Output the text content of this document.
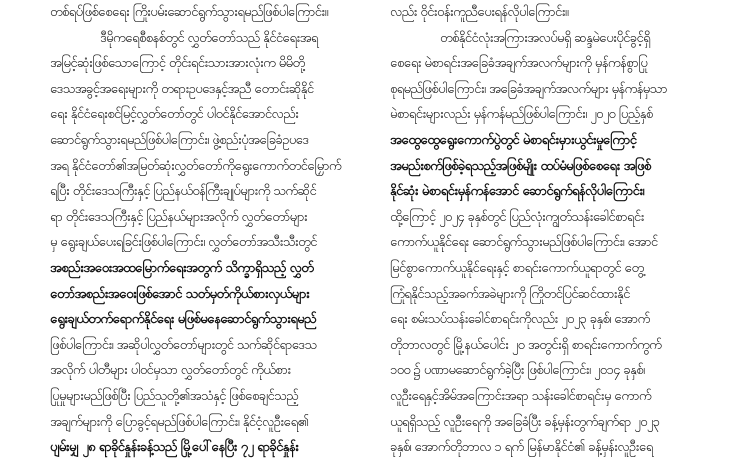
တစ်ရပ်ဖြစ်စေရေး ကြိုးပမ်းဆောင်ရွက်သွားရမည်ဖြစ်ပါကြောင်း။
ဒီမိုကရေစီစနစ်တွင် လွှတ်တော်သည် နိုင်ငံရေးအရ
အမြင့်ဆုံးဖြစ်သောကြောင့် တိုင်းရင်းသားအားလုံးက မိမိတို့
ဒေသအခွင့်အရေးများကို တရားဥပဒေနှင့်အညီ တောင်းဆိုနိုင်
ရေး နိုင်ငံရေးစင်မြင့်လွှတ်တော်တွင် ပါဝင်နိုင်အောင်လည်း
ဆောင်ရွက်သွားရမည်ဖြစ်ပါကြောင်း၊ ဖွဲ့စည်းပုံအခြေခံဥပဒေ
အရ နိုင်ငံတော်၏အမြတ်ဆုံးလွှတ်တော်ကိုရွေးကောက်တင်မြှောက်
ရပြီး တိုင်းဒေသကြီးနှင့် ပြည်နယ်ဝန်ကြီးချုပ်များကို သက်ဆိုင်
ရာ တိုင်းဒေသကြီးနှင့် ပြည်နယ်များအလိုက် လွှတ်တော်များ
မှ ရွေးချယ်ပေးရခြင်းဖြစ်ပါကြောင်း၊ လွှတ်တော်အသီးသီးတွင်
အစည်းအဝေးအထမြောက်ရေးအတွက် သိက္ခာရှိသည့် လွှတ်
တော်အစည်းအဝေးဖြစ်အောင် သတ်မှတ်ကိုယ်စားလှယ်များ
ရွေးချယ်တက်ရောက်နိုင်ရေး မဖြစ်မနေဆောင်ရွက်သွားရမည်
ဖြစ်ပါကြောင်း၊ အဆိုပါလွှတ်တော်များတွင် သက်ဆိုင်ရာဒေသ
အလိုက် ပါတီများ ပါဝင်မှသာ လွှတ်တော်တွင် ကိုယ်စား
ပြုမှုများမည်ဖြစ်ပြီး ပြည်သူတို့၏အသံနှင့် ဖြစ်စေချင်သည့်
အချက်များကို ပြောခွင့်ရမည်ဖြစ်ပါကြောင်း၊ နိုင်ငံ့လူဦးရေ၏
ပျမ်းမျှ ၂၈ ရာခိုင်နှုန်းခန့်သည် မြို့ပေါ်နေပြီး ၇၂ ရာခိုင်နှုန်း
လည်း ဝိုင်းဝန်းကူညီပေးရန်လိုပါကြောင်း။
တစ်နိုင်ငံလုံးအကြားအလပ်မရှိ ဆန္ဒမဲပေးပိုင်ခွင့်ရှိ
စေရေး မဲစာရင်းအခြေခံအချက်အလက်များကို မှန်ကန်စွာပြု
စုရမည်ဖြစ်ပါကြောင်း၊ အခြေခံအချက်အလက်များ မှန်ကန်မှသာ
မဲစာရင်းများလည်း မှန်ကန်မည်ဖြစ်ပါကြောင်း၊ ၂၀၂၀ ပြည့်နှစ်
အထွေထွေရွေးကောက်ပွဲတွင် မဲစာရင်းမှားယွင်းမှုကြောင့်
အမည်းစက်ဖြစ်ခဲ့ရသည့်အဖြစ်မျိုး ထပ်မံမဖြစ်စေရေး အဖြစ်
နိုင်ဆုံး မဲစာရင်းမှန်ကန်အောင် ဆောင်ရွက်ရန်လိုပါကြောင်း၊
ထို့ကြောင့် ၂၀၂၄ ခုနှစ်တွင် ပြည်လုံးကျွတ်သန်းခေါင်စာရင်း
ကောက်ယူနိုင်ရေး ဆောင်ရွက်သွားမည်ဖြစ်ပါကြောင်း၊ အောင်
မြင်စွာကောက်ယူနိုင်ရေးနှင့် စာရင်းကောက်ယူရာတွင် တွေ့
ကြုံရနိုင်သည့်အခက်အခဲများကို ကြိုတင်ပြင်ဆင်ထားနိုင်
ရေး စမ်းသပ်သန်းခေါင်စာရင်းကိုလည်း ၂၀၂၃ ခုနှစ်၊ အောက်
တိုဘာလတွင် မြို့နယ်ပေါင်း ၂၀ အတွင်းရှိ စာရင်းကောက်ကွက်
၁၀၀ ၌ ပဏာမဆောင်ရွက်ခဲ့ပြီး ဖြစ်ပါကြောင်း၊ ၂၀၁၄ ခုနှစ်၊
လူဦးရေနှင့်အိမ်အကြောင်းအရာ သန်းခေါင်စာရင်းမှ ကောက်
ယူရရှိသည့် လူဦးရေကို အခြေခံပြီး ခန့်မှန်းတွက်ချက်ရာ ၂၀၂၃
ခုနှစ်၊ အောက်တိုဘာလ ၁ ရက် မြန်မာနိုင်ငံ၏ ခန့်မှန်းလူဦးရေ
